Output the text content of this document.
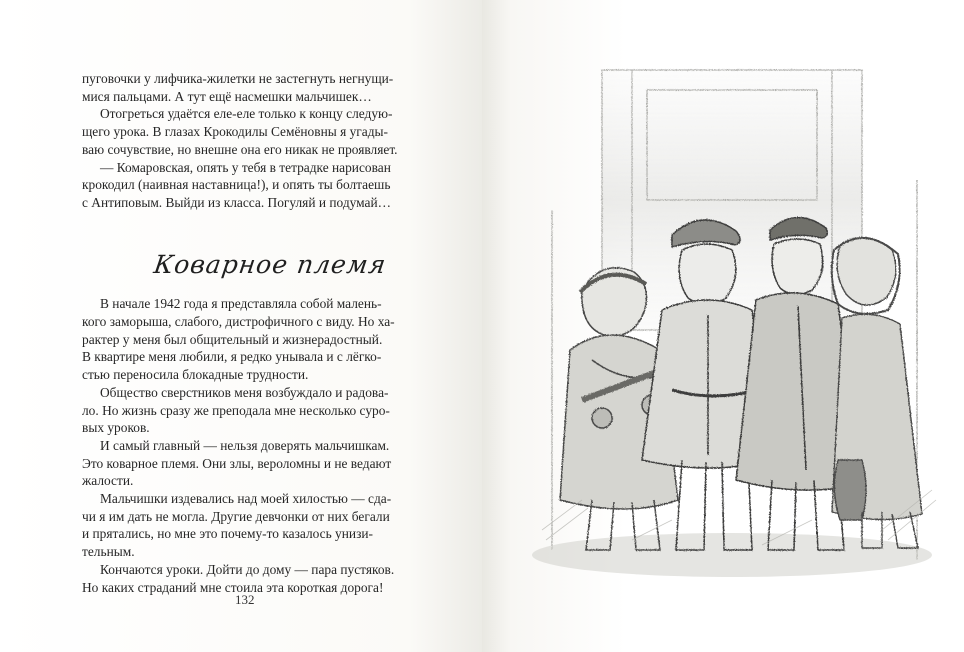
пуговочки у лифчика-жилетки не застегнуть негнущи-
мися пальцами. А тут ещё насмешки мальчишек…
Отогреться удаётся еле-еле только к концу следую-
щего урока. В глазах Крокодилы Семёновны я угады-
ваю сочувствие, но внешне она его никак не проявляет.
— Комаровская, опять у тебя в тетрадке нарисован
крокодил (наивная наставница!), и опять ты болтаешь
с Антиповым. Выйди из класса. Погуляй и подумай…
Коварное племя
В начале 1942 года я представляла собой малень-
кого заморыша, слабого, дистрофичного с виду. Но ха-
рактер у меня был общительный и жизнерадостный.
В квартире меня любили, я редко унывала и с лёгко-
стью переносила блокадные трудности.
Общество сверстников меня возбуждало и радова-
ло. Но жизнь сразу же преподала мне несколько суро-
вых уроков.
И самый главный — нельзя доверять мальчишкам.
Это коварное племя. Они злы, вероломны и не ведают
жалости.
Мальчишки издевались над моей хилостью — сда-
чи я им дать не могла. Другие девчонки от них бегали
и прятались, но мне это почему-то казалось унизи-
тельным.
Кончаются уроки. Дойти до дому — пара пустяков.
Но каких страданий мне стоила эта короткая дорога!
132
